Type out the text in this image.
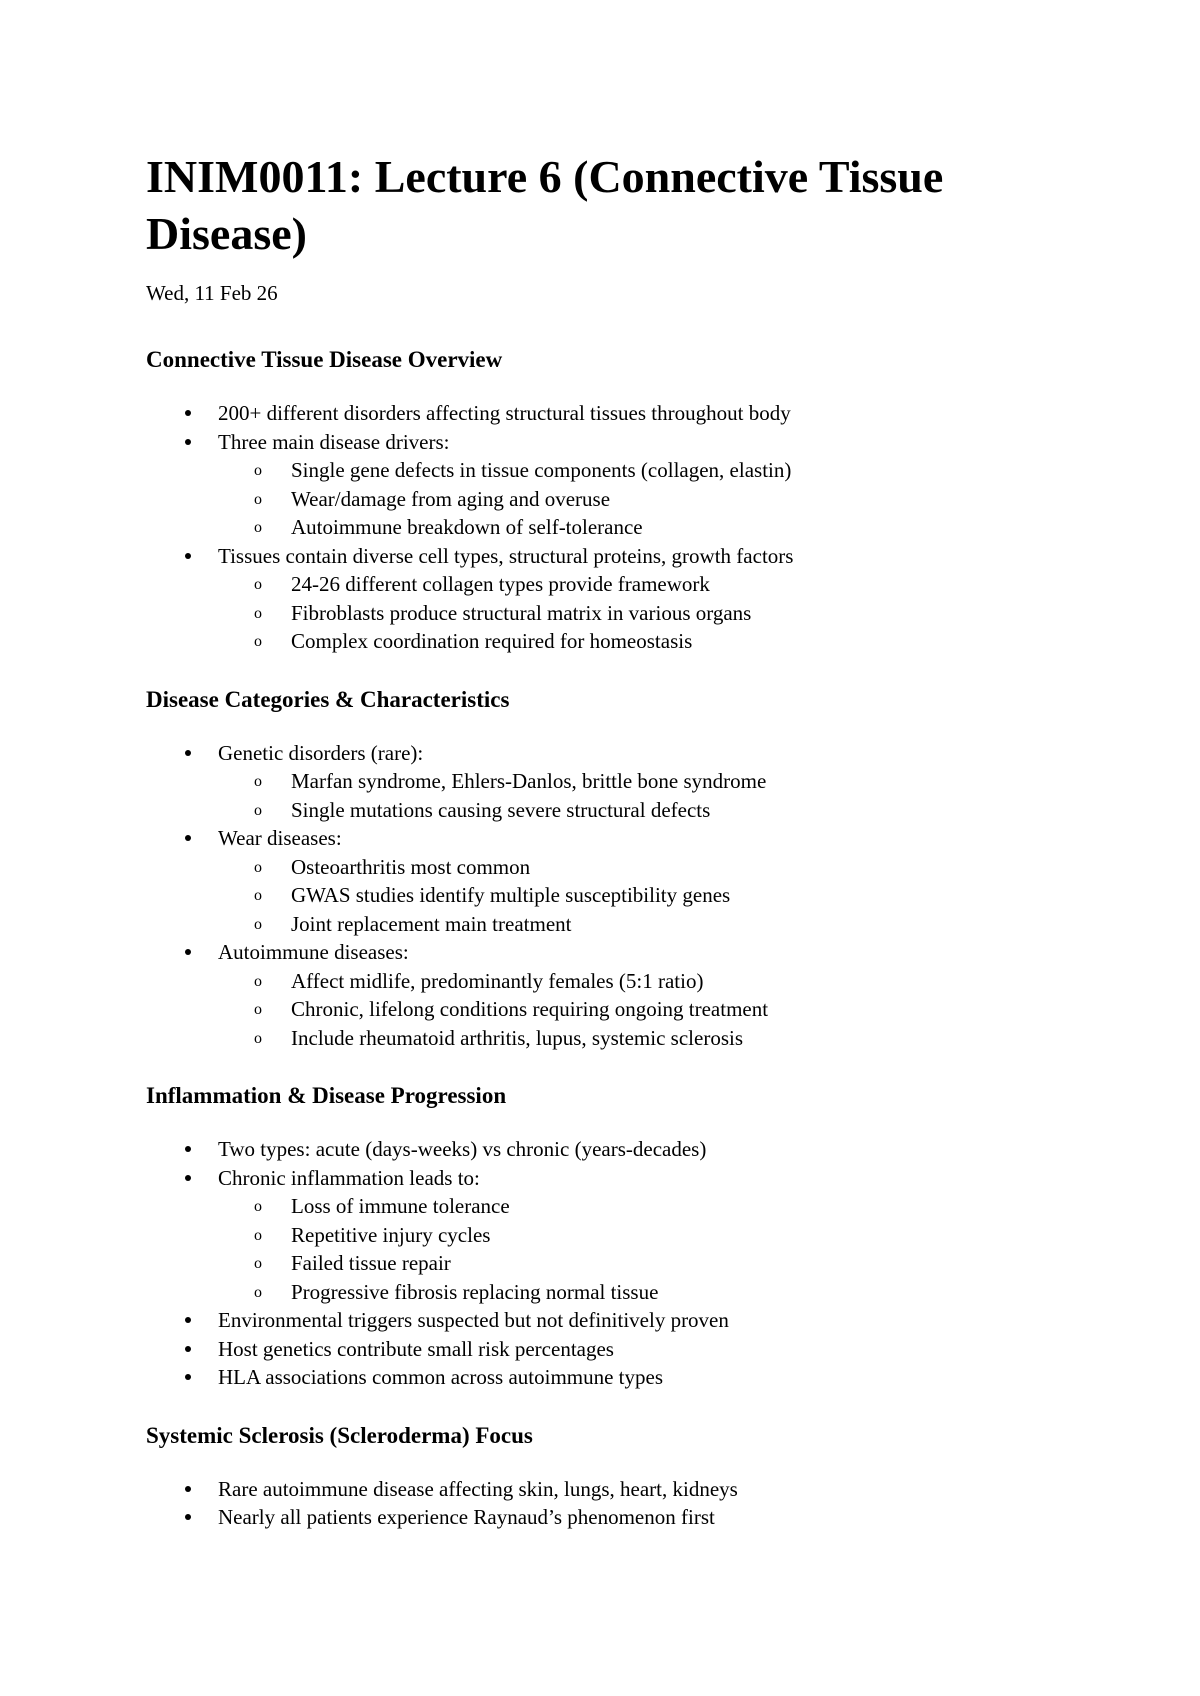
INIM0011: Lecture 6 (Connective Tissue Disease)

Wed, 11 Feb 26

Connective Tissue Disease Overview
200+ different disorders affecting structural tissues throughout body
Three main disease drivers:
o Single gene defects in tissue components (collagen, elastin)
o Wear/damage from aging and overuse
o Autoimmune breakdown of self-tolerance
Tissues contain diverse cell types, structural proteins, growth factors
o 24-26 different collagen types provide framework
o Fibroblasts produce structural matrix in various organs
o Complex coordination required for homeostasis
Disease Categories & Characteristics
Genetic disorders (rare):
o Marfan syndrome, Ehlers-Danlos, brittle bone syndrome
o Single mutations causing severe structural defects
Wear diseases:
o Osteoarthritis most common
o GWAS studies identify multiple susceptibility genes
o Joint replacement main treatment
Autoimmune diseases:
o Affect midlife, predominantly females (5:1 ratio)
o Chronic, lifelong conditions requiring ongoing treatment
o Include rheumatoid arthritis, lupus, systemic sclerosis
Inflammation & Disease Progression
Two types: acute (days-weeks) vs chronic (years-decades)
Chronic inflammation leads to:
o Loss of immune tolerance
o Repetitive injury cycles
o Failed tissue repair
o Progressive fibrosis replacing normal tissue
Environmental triggers suspected but not definitively proven
Host genetics contribute small risk percentages
HLA associations common across autoimmune types
Systemic Sclerosis (Scleroderma) Focus
Rare autoimmune disease affecting skin, lungs, heart, kidneys
Nearly all patients experience Raynaud’s phenomenon first
